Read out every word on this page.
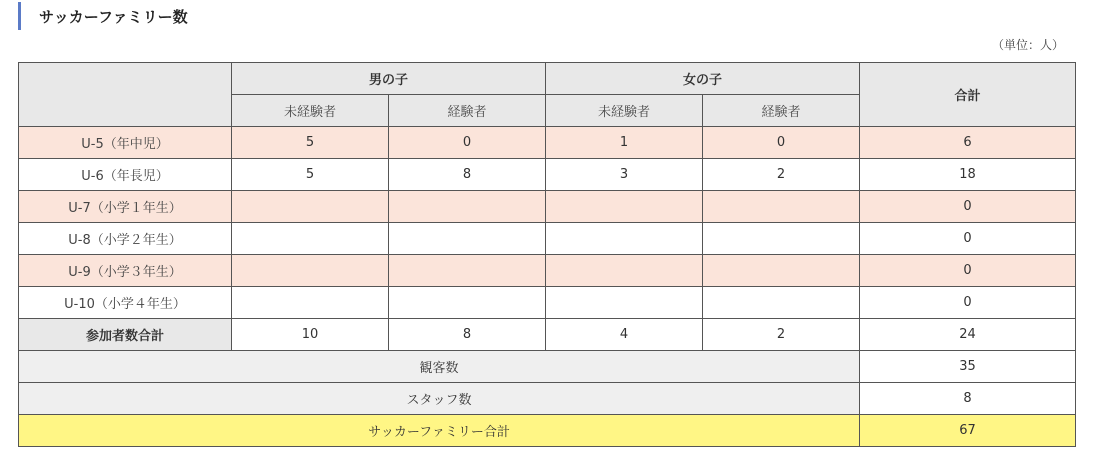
サッカーファミリー数
（単位：人）
	男の子		女の子		合計
	未経験者	経験者	未経験者	経験者	
U-5（年中児）	5	0	1	0	6
U-6（年長児）	5	8	3	2	18
U-7（小学１年生）					0
U-8（小学２年生）					0
U-9（小学３年生）					0
U-10（小学４年生）					0
参加者数合計	10	8	4	2	24
観客数					35
スタッフ数					8
サッカーファミリー合計					67
